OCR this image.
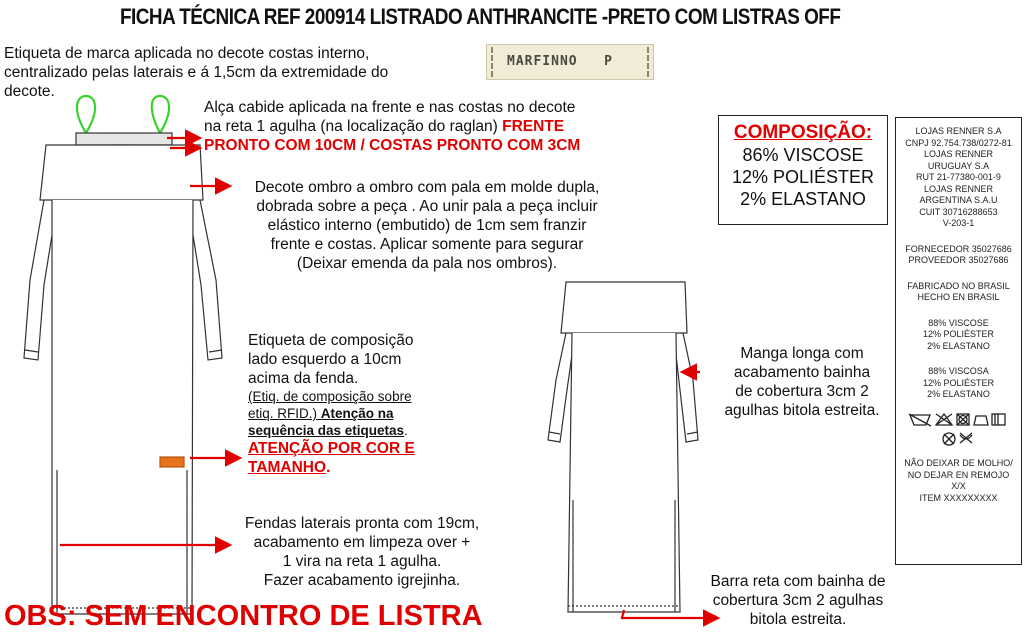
FICHA TÉCNICA REF 200914 LISTRADO ANTHRANCITE -PRETO COM LISTRAS OFF
Etiqueta de marca aplicada no decote costas interno,
centralizado pelas laterais e á 1,5cm da extremidade do
decote.
MARFINNO   P
Alça cabide aplicada na frente e nas costas no decote
na reta 1 agulha (na localização do raglan) FRENTE
PRONTO COM 10CM / COSTAS PRONTO COM 3CM
Decote ombro a ombro com pala em molde dupla,
dobrada sobre a peça . Ao unir pala a peça incluir
elástico interno (embutido) de 1cm sem franzir
frente e costas. Aplicar somente para segurar
(Deixar emenda da pala nos ombros).
Etiqueta de composição
lado esquerdo a 10cm
acima da fenda.
(Etiq. de composição sobre
etiq. RFID.) Atenção na
sequência das etiquetas.
ATENÇÃO POR COR E
TAMANHO.
Fendas laterais pronta com 19cm,
acabamento em limpeza over +
1 vira na reta 1 agulha.
Fazer acabamento igrejinha.
Manga longa com
acabamento bainha
de cobertura 3cm 2
agulhas bitola estreita.
Barra reta com bainha de
cobertura 3cm 2 agulhas
bitola estreita.
COMPOSIÇÃO:
86% VISCOSE
12% POLIÉSTER
2% ELASTANO
LOJAS RENNER S.A
CNPJ 92.754.738/0272-81
LOJAS RENNER
URUGUAY S.A
RUT 21-77380-001-9
LOJAS RENNER
ARGENTINA S.A.U
CUIT 30716288653
V-203-1
FORNECEDOR 35027686
PROVEEDOR 35027686
FABRICADO NO BRASIL
HECHO EN BRASIL
88% VISCOSE
12% POLIÉSTER
2% ELASTANO
88% VISCOSA
12% POLIÉSTER
2% ELASTANO
NÃO DEIXAR DE MOLHO/
NO DEJAR EN REMOJO
X/X
ITEM XXXXXXXXX
OBS: SEM ENCONTRO DE LISTRA
